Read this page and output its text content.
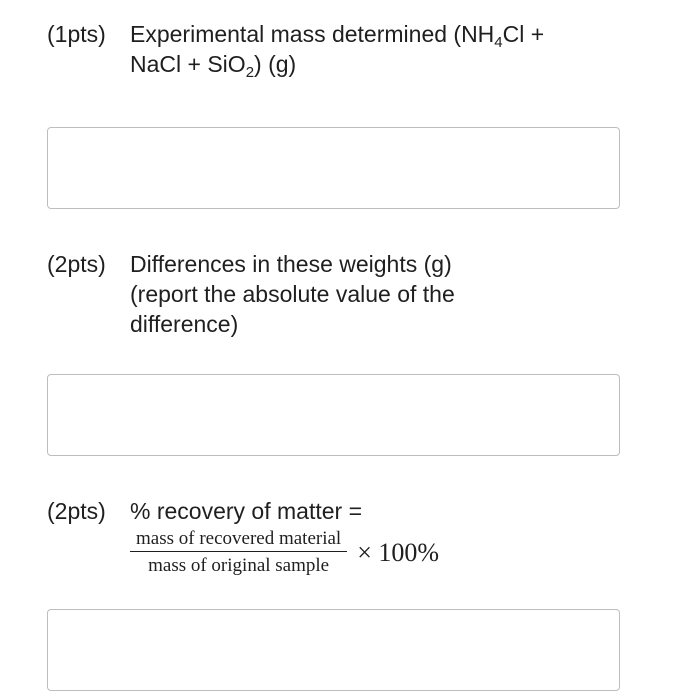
(1pts)	Experimental mass determined ($NH_4Cl$ +
NaCl + SiO$_2$) (g)
(2pts)	Differences in these weights (g) (report the absolute value of the difference)
(2pts)	% recovery of matter =
$\frac{\text{mass of recovered material}}{\text{mass of original sample}} \times 100\%$
